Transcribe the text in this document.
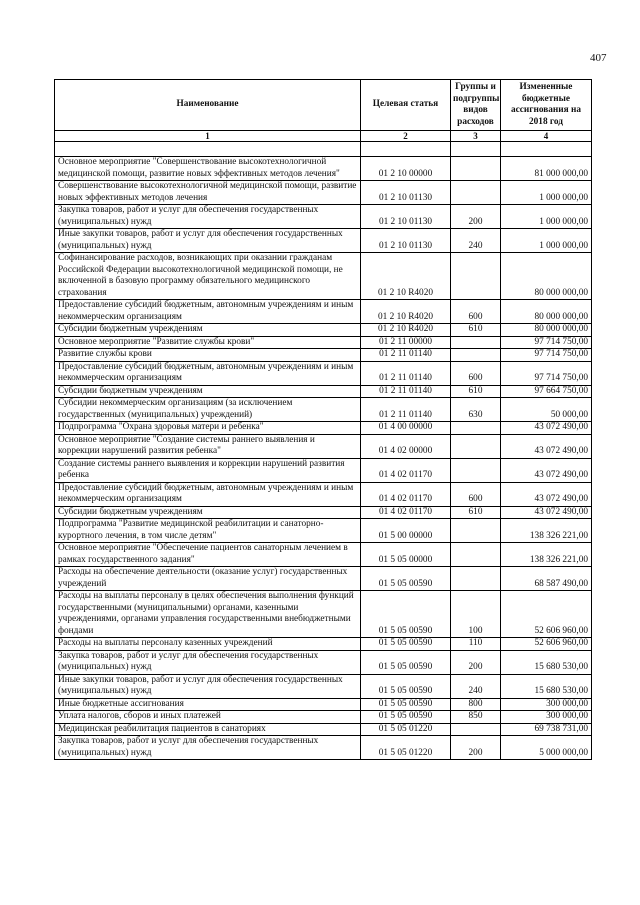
407
Наименование	Целевая статья	Группы и подгруппы видов расходов	Измененные бюджетные ассигнования на 2018 год
1	2	3	4

Основное мероприятие "Совершенствование высокотехнологичной медицинской помощи, развитие новых эффективных методов лечения"	01 2 10 00000		81 000 000,00
Совершенствование высокотехнологичной медицинской помощи, развитие новых эффективных методов лечения	01 2 10 01130		1 000 000,00
Закупка товаров, работ и услуг для обеспечения государственных (муниципальных) нужд	01 2 10 01130	200	1 000 000,00
Иные закупки товаров, работ и услуг для обеспечения государственных (муниципальных) нужд	01 2 10 01130	240	1 000 000,00
Софинансирование расходов, возникающих при оказании гражданам Российской Федерации высокотехнологичной медицинской помощи, не включенной в базовую программу обязательного медицинского страхования	01 2 10 R4020		80 000 000,00
Предоставление субсидий бюджетным, автономным учреждениям и иным некоммерческим организациям	01 2 10 R4020	600	80 000 000,00
Субсидии бюджетным учреждениям	01 2 10 R4020	610	80 000 000,00
Основное мероприятие "Развитие службы крови"	01 2 11 00000		97 714 750,00
Развитие службы крови	01 2 11 01140		97 714 750,00
Предоставление субсидий бюджетным, автономным учреждениям и иным некоммерческим организациям	01 2 11 01140	600	97 714 750,00
Субсидии бюджетным учреждениям	01 2 11 01140	610	97 664 750,00
Субсидии некоммерческим организациям (за исключением государственных (муниципальных) учреждений)	01 2 11 01140	630	50 000,00
Подпрограмма "Охрана здоровья матери и ребенка"	01 4 00 00000		43 072 490,00
Основное мероприятие "Создание системы раннего выявления и коррекции нарушений развития ребенка"	01 4 02 00000		43 072 490,00
Создание системы раннего выявления и коррекции нарушений развития ребенка	01 4 02 01170		43 072 490,00
Предоставление субсидий бюджетным, автономным учреждениям и иным некоммерческим организациям	01 4 02 01170	600	43 072 490,00
Субсидии бюджетным учреждениям	01 4 02 01170	610	43 072 490,00
Подпрограмма "Развитие медицинской реабилитации и санаторно-курортного лечения, в том числе детям"	01 5 00 00000		138 326 221,00
Основное мероприятие "Обеспечение пациентов санаторным лечением в рамках государственного задания"	01 5 05 00000		138 326 221,00
Расходы на обеспечение деятельности (оказание услуг) государственных учреждений	01 5 05 00590		68 587 490,00
Расходы на выплаты персоналу в целях обеспечения выполнения функций государственными (муниципальными) органами, казенными учреждениями, органами управления государственными внебюджетными фондами	01 5 05 00590	100	52 606 960,00
Расходы на выплаты персоналу казенных учреждений	01 5 05 00590	110	52 606 960,00
Закупка товаров, работ и услуг для обеспечения государственных (муниципальных) нужд	01 5 05 00590	200	15 680 530,00
Иные закупки товаров, работ и услуг для обеспечения государственных (муниципальных) нужд	01 5 05 00590	240	15 680 530,00
Иные бюджетные ассигнования	01 5 05 00590	800	300 000,00
Уплата налогов, сборов и иных платежей	01 5 05 00590	850	300 000,00
Медицинская реабилитация пациентов в санаториях	01 5 05 01220		69 738 731,00
Закупка товаров, работ и услуг для обеспечения государственных (муниципальных) нужд	01 5 05 01220	200	5 000 000,00
